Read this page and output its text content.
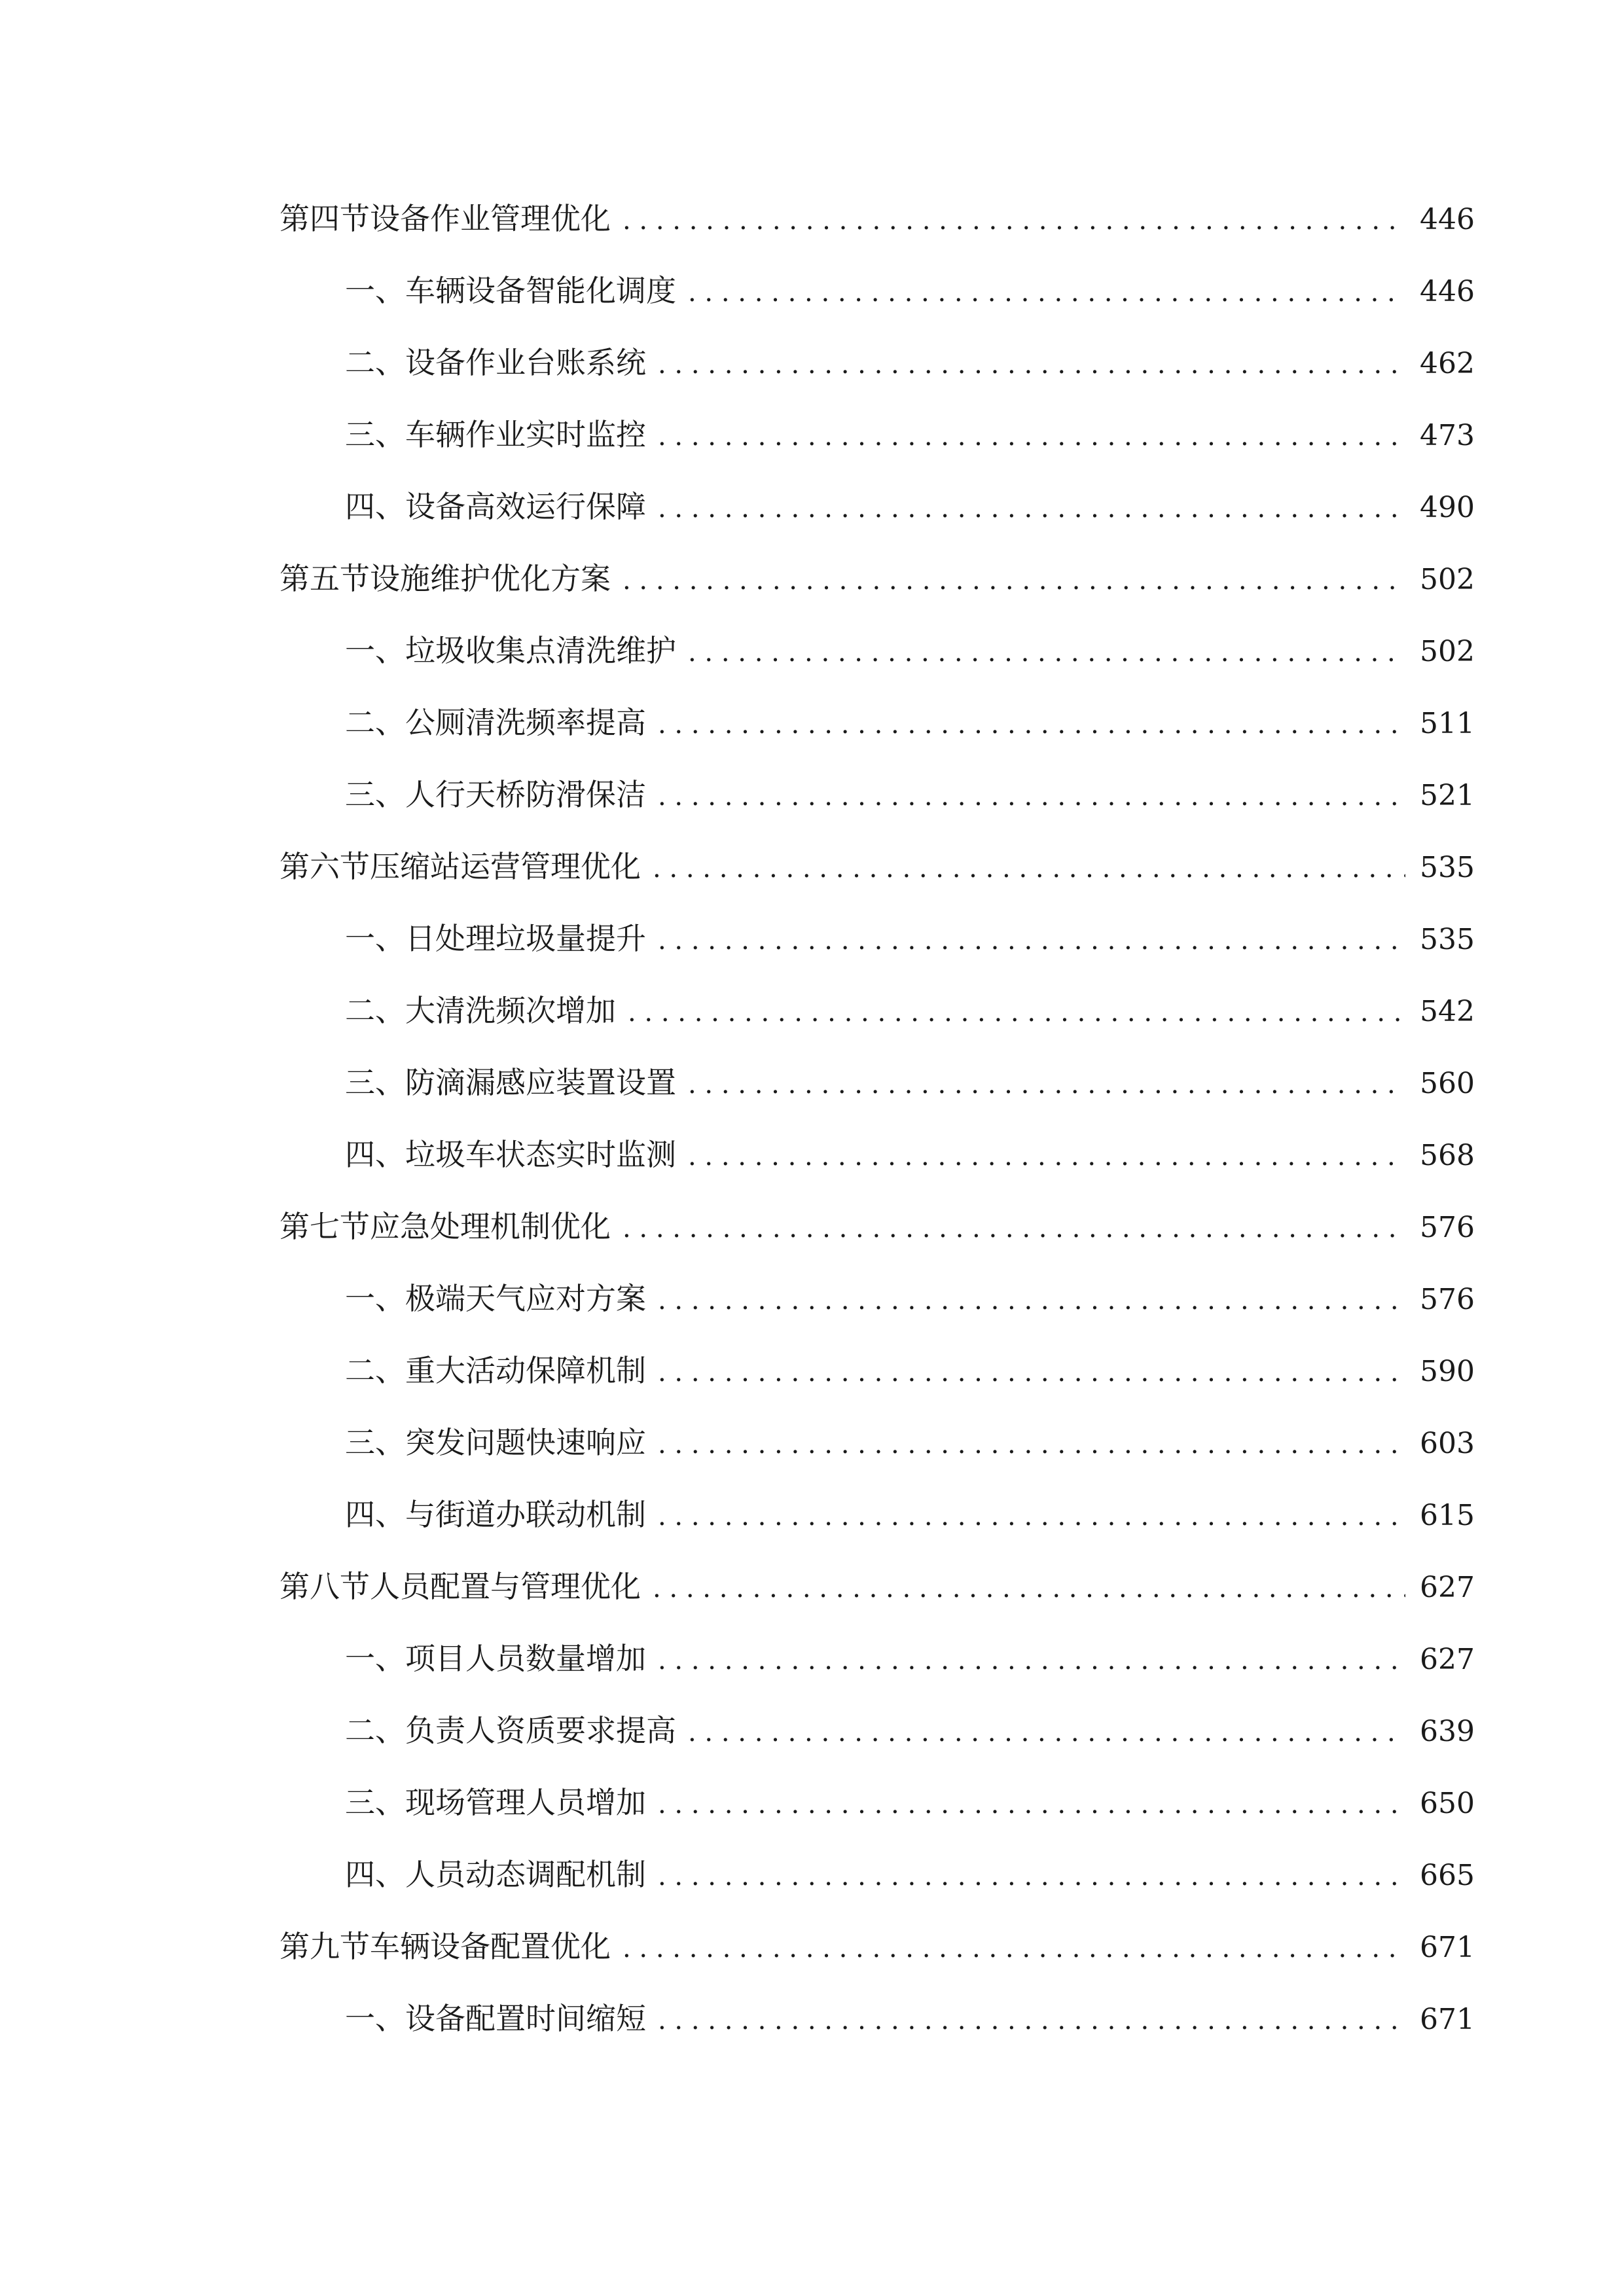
第四节 设备作业管理优化 . . .	446
一、 车辆设备智能化调度 . . .	446
二、 设备作业台账系统 . . .	462
三、 车辆作业实时监控 . . .	473
四、 设备高效运行保障 . . .	490
第五节 设施维护优化方案 . . .	502
一、 垃圾收集点清洗维护 . . .	502
二、 公厕清洗频率提高 . . .	511
三、 人行天桥防滑保洁 . . .	521
第六节 压缩站运营管理优化 . . .	535
一、 日处理垃圾量提升 . . .	535
二、 大清洗频次增加 . . .	542
三、 防滴漏感应装置设置 . . .	560
四、 垃圾车状态实时监测 . . .	568
第七节 应急处理机制优化 . . .	576
一、 极端天气应对方案 . . .	576
二、 重大活动保障机制 . . .	590
三、 突发问题快速响应 . . .	603
四、 与街道办联动机制 . . .	615
第八节 人员配置与管理优化 . . .	627
一、 项目人员数量增加 . . .	627
二、 负责人资质要求提高 . . .	639
三、 现场管理人员增加 . . .	650
四、 人员动态调配机制 . . .	665
第九节 车辆设备配置优化 . . .	671
一、 设备配置时间缩短 . . .	671
